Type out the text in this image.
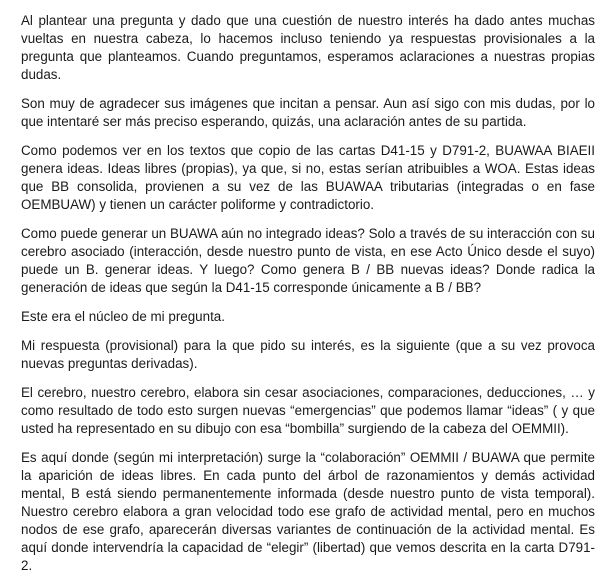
Al plantear una pregunta y dado que una cuestión de nuestro interés ha dado antes muchas vueltas en nuestra cabeza, lo hacemos incluso teniendo ya respuestas provisionales a la pregunta que planteamos. Cuando preguntamos, esperamos aclaraciones a nuestras propias dudas.

Son muy de agradecer sus imágenes que incitan a pensar. Aun así sigo con mis dudas, por lo que intentaré ser más preciso esperando, quizás, una aclaración antes de su partida.

Como podemos ver en los textos que copio de las cartas D41-15 y D791-2, BUAWAA BIAEII genera ideas. Ideas libres (propias), ya que, si no, estas serían atribuibles a WOA. Estas ideas que BB consolida, provienen a su vez de las BUAWAA tributarias (integradas o en fase OEMBUAW) y tienen un carácter poliforme y contradictorio.

Como puede generar un BUAWA aún no integrado ideas? Solo a través de su interacción con su cerebro asociado (interacción, desde nuestro punto de vista, en ese Acto Único desde el suyo) puede un B. generar ideas. Y luego? Como genera B / BB nuevas ideas? Donde radica la generación de ideas que según la D41-15 corresponde únicamente a B / BB?

Este era el núcleo de mi pregunta.

Mi respuesta (provisional) para la que pido su interés, es la siguiente (que a su vez provoca nuevas preguntas derivadas).

El cerebro, nuestro cerebro, elabora sin cesar asociaciones, comparaciones, deducciones, … y como resultado de todo esto surgen nuevas “emergencias” que podemos llamar “ideas” ( y que usted ha representado en su dibujo con esa “bombilla” surgiendo de la cabeza del OEMMII).

Es aquí donde (según mi interpretación) surge la “colaboración” OEMMII / BUAWA que permite la aparición de ideas libres. En cada punto del árbol de razonamientos y demás actividad mental, B está siendo permanentemente informada (desde nuestro punto de vista temporal). Nuestro cerebro elabora a gran velocidad todo ese grafo de actividad mental, pero en muchos nodos de ese grafo, aparecerán diversas variantes de continuación de la actividad mental. Es aquí donde intervendría la capacidad de “elegir” (libertad) que vemos descrita en la carta D791-2.
